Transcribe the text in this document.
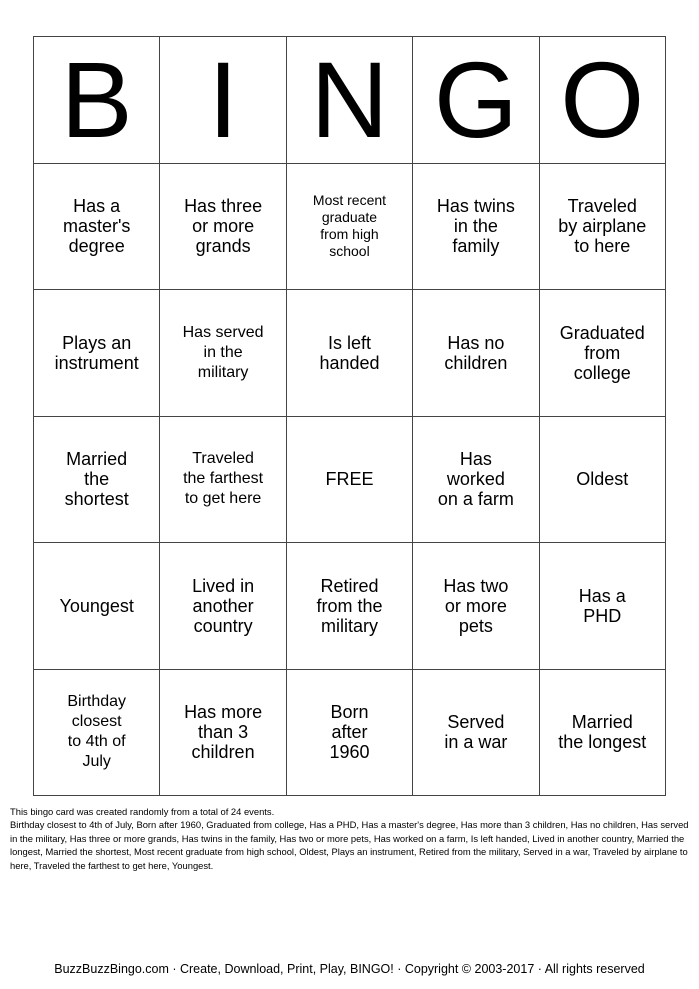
B I N G O
Has a
master's
degree
Has three
or more
grands
Most recent
graduate
from high
school
Has twins
in the
family
Traveled
by airplane
to here
Plays an
instrument
Has served
in the
military
Is left
handed
Has no
children
Graduated
from
college
Married
the
shortest
Traveled
the farthest
to get here
FREE
Has
worked
on a farm
Oldest
Youngest
Lived in
another
country
Retired
from the
military
Has two
or more
pets
Has a
PHD
Birthday
closest
to 4th of
July
Has more
than 3
children
Born
after
1960
Served
in a war
Married
the longest

This bingo card was created randomly from a total of 24 events.

Birthday closest to 4th of July, Born after 1960, Graduated from college, Has a PHD, Has a master's degree, Has more than 3 children, Has no children, Has served in the military, Has three or more grands, Has twins in the family, Has two or more pets, Has worked on a farm, Is left handed, Lived in another country, Married the longest, Married the shortest, Most recent graduate from high school, Oldest, Plays an instrument, Retired from the military, Served in a war, Traveled by airplane to here, Traveled the farthest to get here, Youngest.

BuzzBuzzBingo.com · Create, Download, Print, Play, BINGO! · Copyright © 2003-2017 · All rights reserved
